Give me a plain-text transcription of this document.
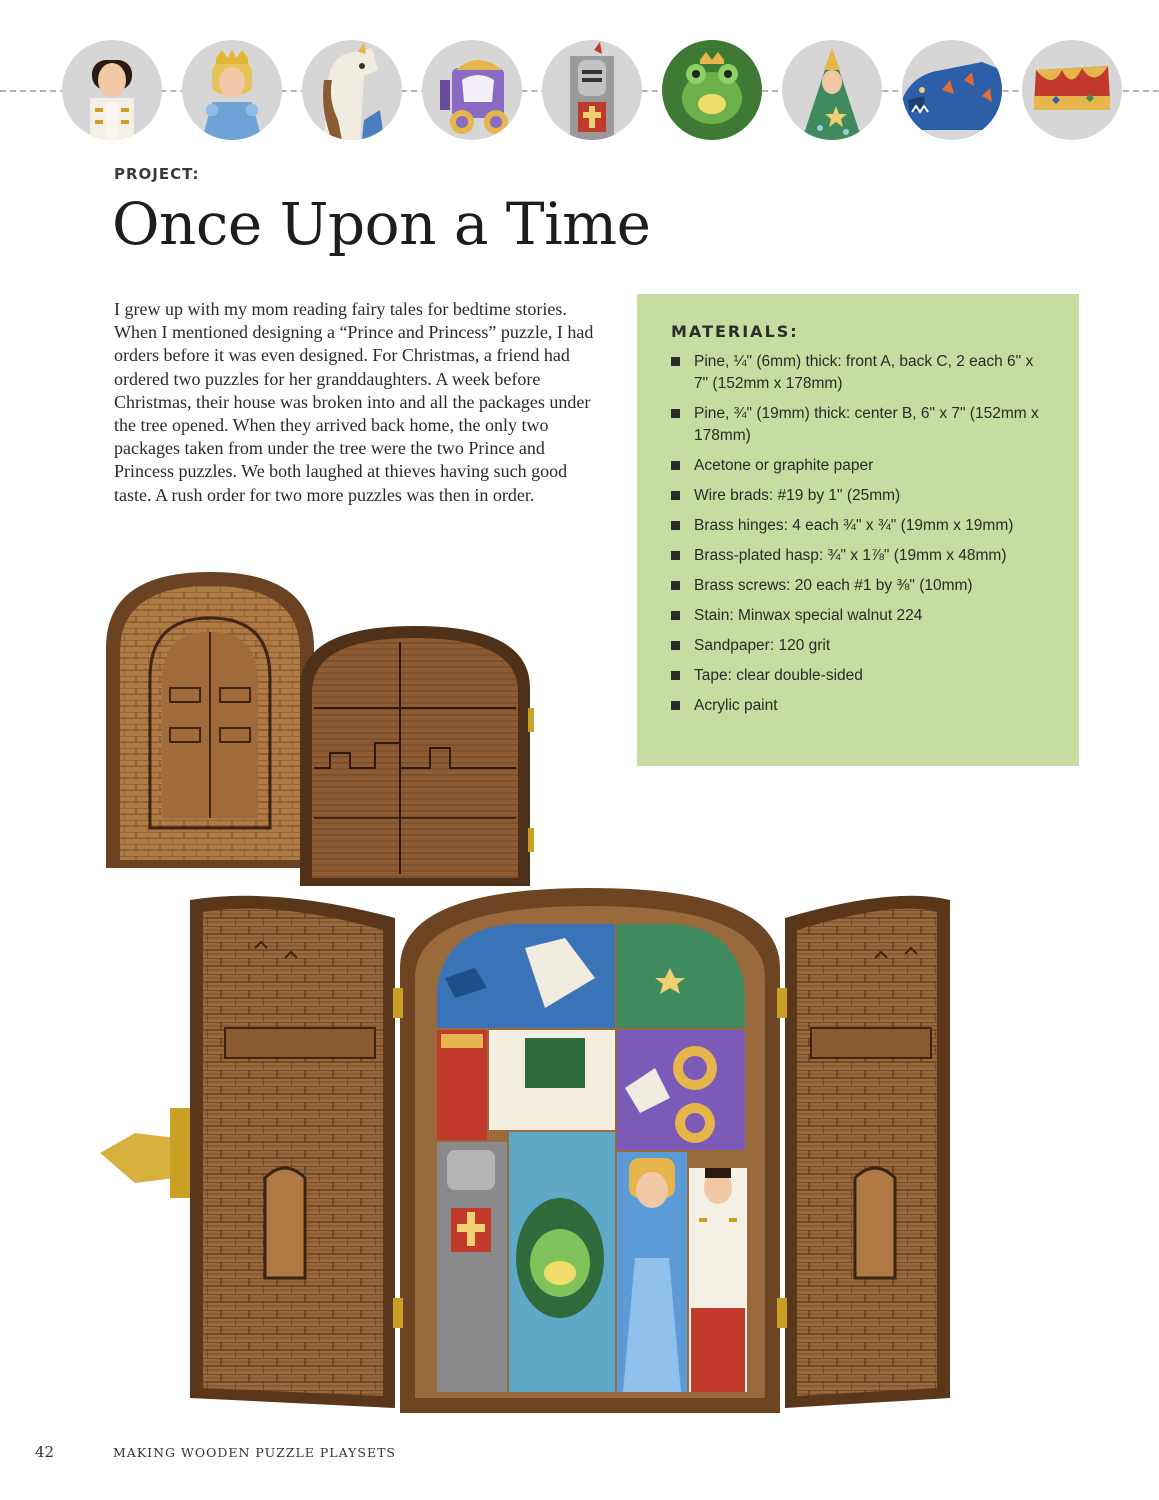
PROJECT:
Once Upon a Time

I grew up with my mom reading fairy tales for bedtime stories. When I mentioned designing a “Prince and Princess” puzzle, I had orders before it was even designed. For Christmas, a friend had ordered two puzzles for her granddaughters. A week before Christmas, their house was broken into and all the packages under the tree opened. When they arrived back home, the only two packages taken from under the tree were the two Prince and Princess puzzles. We both laughed at thieves having such good taste. A rush order for two more puzzles was then in order.

MATERIALS:
Pine, ¼" (6mm) thick: front A, back C, 2 each 6" x 7" (152mm x 178mm)
Pine, ¾" (19mm) thick: center B, 6" x 7" (152mm x 178mm)
Acetone or graphite paper
Wire brads: #19 by 1" (25mm)
Brass hinges: 4 each ¾" x ¾" (19mm x 19mm)
Brass-plated hasp: ¾" x 1⅞" (19mm x 48mm)
Brass screws: 20 each #1 by ⅜" (10mm)
Stain: Minwax special walnut 224
Sandpaper: 120 grit
Tape: clear double-sided
Acrylic paint
42	MAKING WOODEN PUZZLE PLAYSETS
